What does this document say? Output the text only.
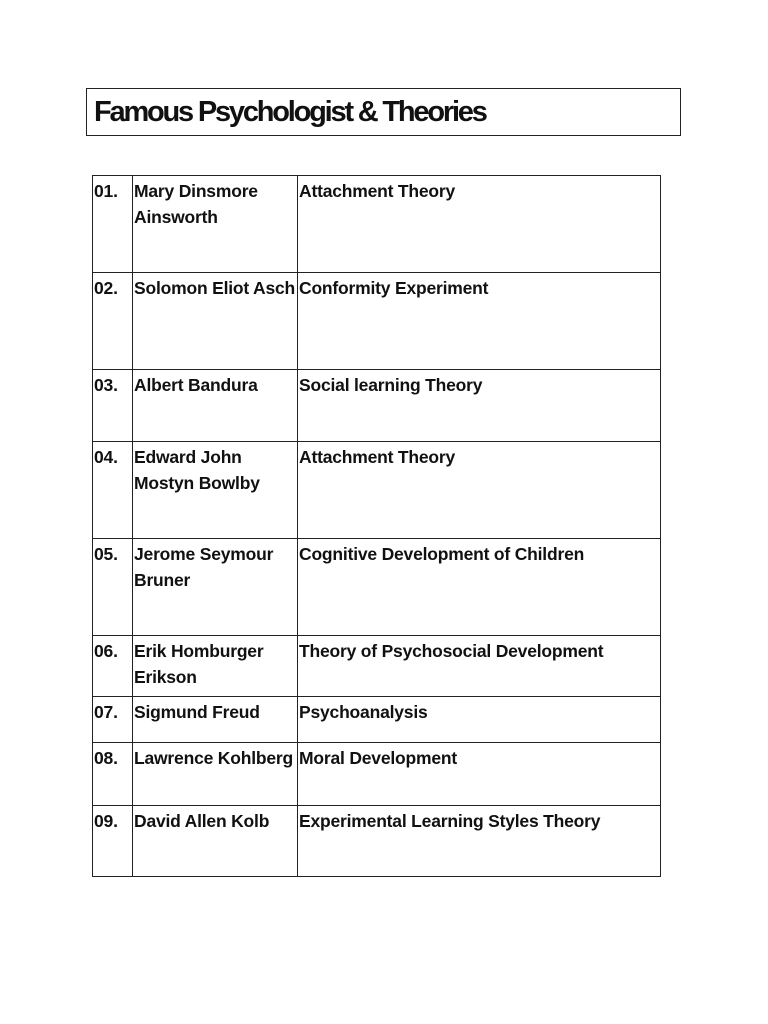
Famous Psychologist & Theories
01.	Mary Dinsmore Ainsworth	Attachment Theory
02.	Solomon Eliot Asch	Conformity Experiment
03.	Albert Bandura	Social learning Theory
04.	Edward John Mostyn Bowlby	Attachment Theory
05.	Jerome Seymour Bruner	Cognitive Development of Children
06.	Erik Homburger Erikson	Theory of Psychosocial Development
07.	Sigmund Freud	Psychoanalysis
08.	Lawrence Kohlberg	Moral Development
09.	David Allen Kolb	Experimental Learning Styles Theory
